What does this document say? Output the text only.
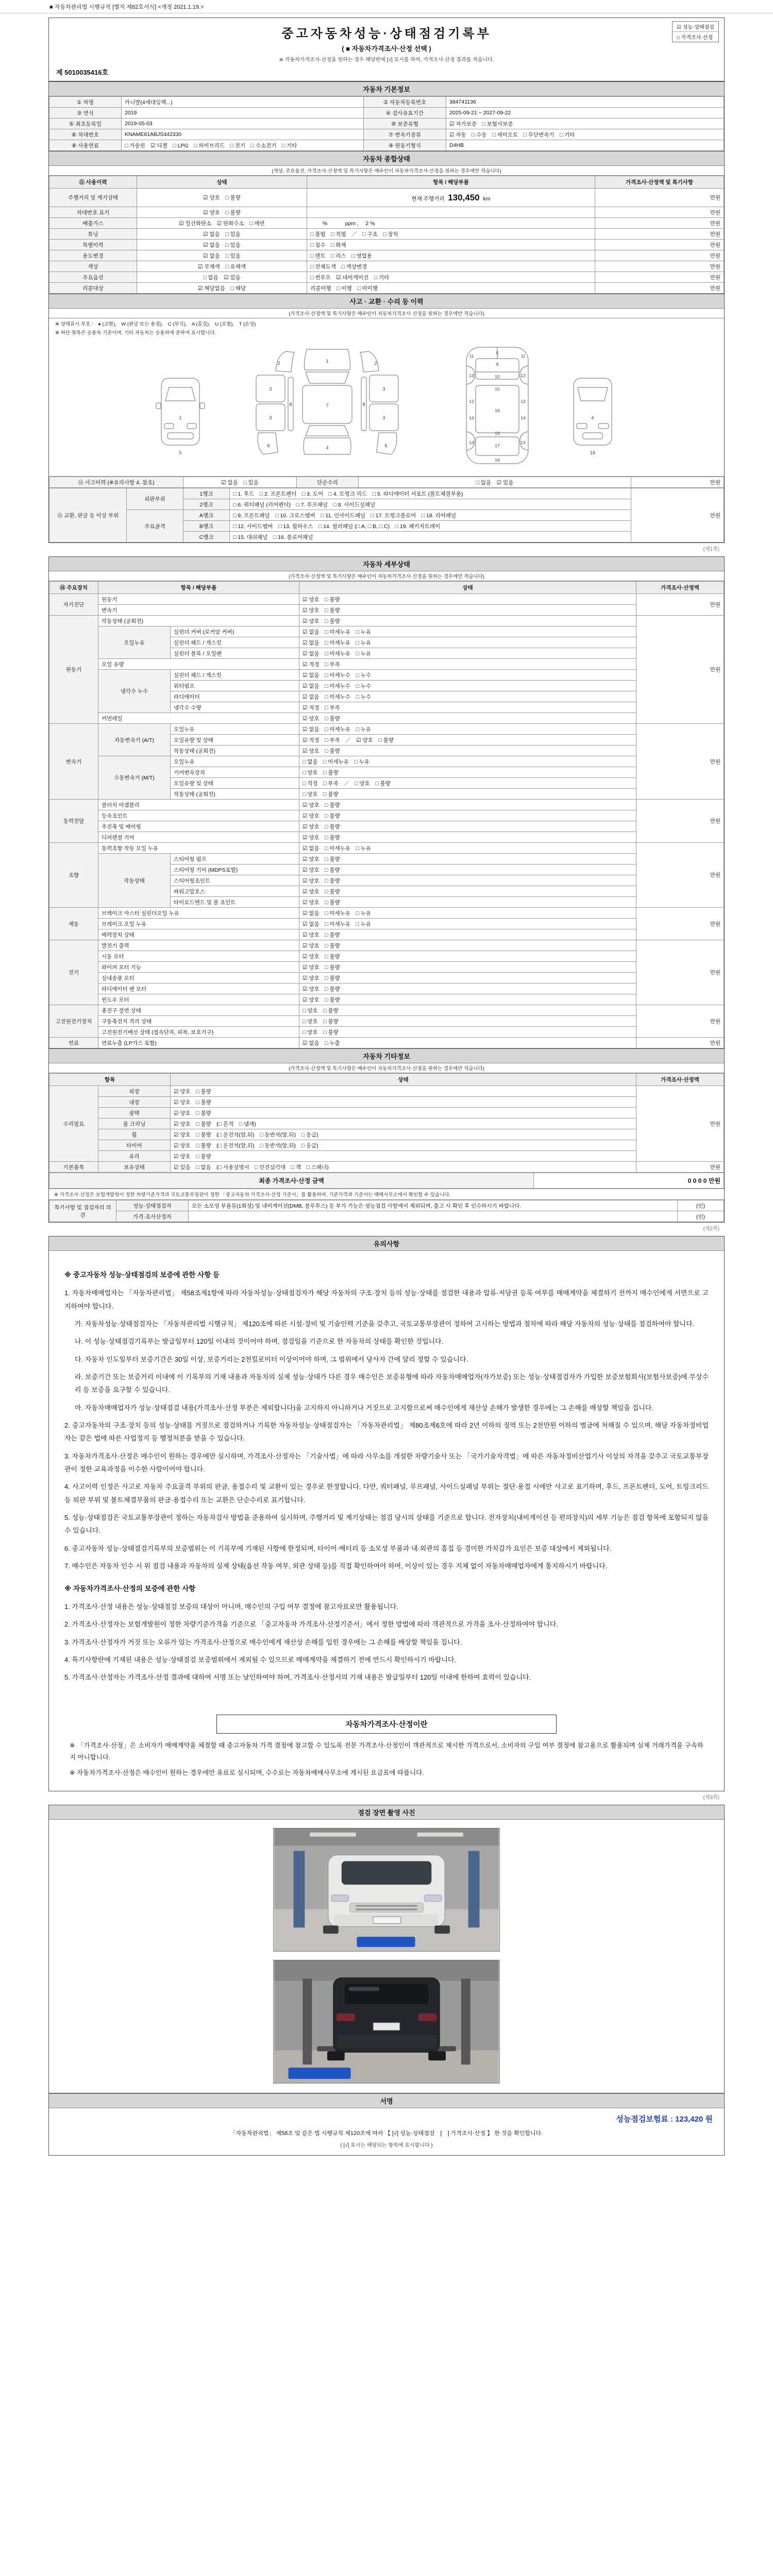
■ 자동차관리법 시행규칙 [별지 제82호서식] <개정 2021.1.19.>
☑ 성능·상태점검
□ 가격조사·산정
중고자동차성능·상태점검기록부
( ■ 자동차가격조사·산정 선택 )
※ 자동차가격조사·산정을 원하는 경우 해당란에 [√] 표시를 하며, 가격조사·산정 결과를 적습니다.
제 5010035416호
자동차 기본정보
① 차명	카니발(4세대임팩...)	② 자동차등록번호	384741136
③ 연식	2019	④ 검사유효기간	2025-09-21 ~ 2027-09-22
⑤ 최초등록일	2019-05-03	⑩ 보증유형	☑ 자가보증　□ 보험사보증
⑥ 차대번호	KNAME81ABJS442330	⑦ 변속기종류	☑ 자동　□ 수동　□ 세미오토　□ 무단변속기　□ 기타
⑧ 사용연료	□ 가솔린　☑ 디젤　□ LPG　□ 하이브리드　□ 전기　□ 수소전기　□ 기타	⑨ 원동기형식	D4HB
자동차 종합상태
(색상, 주요옵션, 가격조사·산정액 및 특기사항은 매수인이 자동차가격조사·산정을 원하는 경우에만 적습니다)
⑪ 사용이력	상태	항목 / 해당부품	가격조사·산정액 및 특기사항
주행거리 및 계기상태	☑ 양호　□ 불량	현재 주행거리 130,450 km	만원
차대번호 표기	☑ 양호　□ 불량		만원
배출가스	☑ 일산화탄소　☑ 탄화수소　□ 매연	　　 %　　　 ppm ,　 2 %	만원
튜닝	☑ 없음　□ 있음	□ 불법　□ 적법　／　□ 구조　□ 장치	만원
특별이력	☑ 없음　□ 있음	□ 침수　□ 화재	만원
용도변경	☑ 없음　□ 있음	□ 렌트　□ 리스　□ 영업용	만원
색상	☑ 무채색　□ 유채색	□ 전체도색　□ 색상변경	만원
주요옵션	□ 없음　☑ 있음	□ 썬루프　☑ 네비게이션　□ 기타	만원
리콜대상	☑ 해당없음　□ 해당	리콜이행　□ 이행　□ 미이행	만원
사고 · 교환 · 수리 등 이력
(가격조사·산정액 및 특기사항은 매수인이 자동차가격조사·산정을 원하는 경우에만 적습니다)
※ 상태표시 부호 :　● (교환),　W (판금 또는 용접),　C (부식),　A (흠집),　U (요철),　T (손상)
※ 하단 항목은 승용차 기준이며, 기타 자동차는 승용차에 준하여 표시합니다.
1
5
1
2	2
3	3
3	3
7
6	6
8	8
4
5
9
10
11	11
12	12
13	13
13	13
14	14
15
16
17
18
19
4
18
⑫ 사고이력 (※유의사항 4. 참조)	☑ 없음　□ 있음	단순수리	□ 없음　☑ 있음	만원
⑬ 교환, 판금 등 이상 부위	외판부위	1랭크	□ 1. 후드　□ 2. 프론트펜더　□ 3. 도어　□ 4. 트렁크 리드　□ 5. 라디에이터 서포트 (볼트체결부품)	만원
		2랭크	□ 6. 쿼터패널 (리어펜더)　□ 7. 루프패널　□ 8. 사이드실패널	
	주요골격	A랭크	□ 9. 프론트패널　□ 10. 크로스멤버　□ 11. 인사이드패널　□ 17. 트렁크플로어　□ 18. 리어패널	
		B랭크	□ 12. 사이드멤버　□ 13. 휠하우스　□ 14. 필러패널 (□ A, □ B, □ C)　□ 19. 패키지트레이	
		C랭크	□ 15. 대쉬패널　□ 16. 플로어패널	
(제1쪽)
자동차 세부상태
(가격조사·산정액 및 특기사항은 매수인이 자동차가격조사·산정을 원하는 경우에만 적습니다)
⑭ 주요장치	항목 / 해당부품		상태	가격조사·산정액
자기진단	원동기		☑ 양호　□ 불량	만원
	변속기		☑ 양호　□ 불량	
원동기	작동상태 (공회전)		☑ 양호　□ 불량	만원
	오일누유	실린더 커버 (로커암 커버)	☑ 없음　□ 미세누유　□ 누유	
		실린더 헤드 / 개스킷	☑ 없음　□ 미세누유　□ 누유	
		실린더 블록 / 오일팬	☑ 없음　□ 미세누유　□ 누유	
	오일 유량		☑ 적정　□ 부족	
	냉각수 누수	실린더 헤드 / 개스킷	☑ 없음　□ 미세누수　□ 누수	
		워터펌프	☑ 없음　□ 미세누수　□ 누수	
		라디에이터	☑ 없음　□ 미세누수　□ 누수	
		냉각수 수량	☑ 적정　□ 부족	
	커먼레일		☑ 양호　□ 불량	
변속기	자동변속기 (A/T)	오일누유	☑ 없음　□ 미세누유　□ 누유	만원
		오일유량 및 상태	☑ 적정　□ 부족　／　☑ 양호　□ 불량	
		작동상태 (공회전)	☑ 양호　□ 불량	
	수동변속기 (M/T)	오일누유	□ 없음　□ 미세누유　□ 누유	
		기어변속장치	□ 양호　□ 불량	
		오일유량 및 상태	□ 적정　□ 부족　／　□ 양호　□ 불량	
		작동상태 (공회전)	□ 양호　□ 불량	
동력전달	클러치 어셈블리		☑ 양호　□ 불량	만원
	등속조인트		☑ 양호　□ 불량	
	추진축 및 베어링		☑ 양호　□ 불량	
	디퍼렌셜 기어		☑ 양호　□ 불량	
조향	동력조향 작동 오일 누유		☑ 없음　□ 미세누유　□ 누유	만원
	작동상태	스티어링 펌프	☑ 양호　□ 불량	
		스티어링 기어 (MDPS포함)	☑ 양호　□ 불량	
		스티어링조인트	☑ 양호　□ 불량	
		파워고압호스	☑ 양호　□ 불량	
		타이로드엔드 및 볼 조인트	☑ 양호　□ 불량	
제동	브레이크 마스터 실린더오일 누유		☑ 없음　□ 미세누유　□ 누유	만원
	브레이크 오일 누유		☑ 없음　□ 미세누유　□ 누유	
	배력장치 상태		☑ 양호　□ 불량	
전기	발전기 출력		☑ 양호　□ 불량	만원
	시동 모터		☑ 양호　□ 불량	
	와이퍼 모터 기능		☑ 양호　□ 불량	
	실내송풍 모터		☑ 양호　□ 불량	
	라디에이터 팬 모터		☑ 양호　□ 불량	
	윈도우 모터		☑ 양호　□ 불량	
고전원전기장치	충전구 절연 상태		□ 양호　□ 불량	만원
	구동축전지 격리 상태		□ 양호　□ 불량	
	고전원전기배선 상태 (접속단자, 피복, 보호기구)		□ 양호　□ 불량	
연료	연료누출 (LP가스 포함)		☑ 없음　□ 누출	만원
자동차 기타정보
(가격조사·산정액 및 특기사항은 매수인이 자동차가격조사·산정을 원하는 경우에만 적습니다)
항목		상태	가격조사·산정액
수리필요	외장	☑ 양호　□ 불량	만원
	내장	☑ 양호　□ 불량	
	광택	☑ 양호　□ 불량	
	룸 크리닝	☑ 양호　□ 불량　(□ 흔적　□ 냄새)	
	휠	☑ 양호　□ 불량　(□ 운전석(앞,뒤)　□ 동반석(앞,뒤)　□ 응급)	
	타이어	☑ 양호　□ 불량　(□ 운전석(앞,뒤)　□ 동반석(앞,뒤)　□ 응급)	
	유리	☑ 양호　□ 불량	
기본품목	보유상태	☑ 있음　□ 없음　(□ 사용설명서　□ 안전삼각대　□ 잭　□ 스패너)	만원
최종 가격조사·산정 금액	0 0 0 0 만원
※ 가격조사·산정은 보험개발원이 정한 차량기준가격과 국토교통부장관이 정한 「중고자동차 가격조사·산정 기준서」를 활용하며, 기준가격과 기준서는 매매사무소에서 확인할 수 있습니다.
특기사항 및 점검자의 의견	성능·상태점검자	모든 소모성 부품류(1회성) 및 내비게이션(DMB, 블루투스) 등 부가 기능은 성능점검 사항에서 제외되며, 출고 시 확인 후 인수하시기 바랍니다.	(인)
	가격·조사산정자		(인)
(제2쪽)
유의사항

※ 중고자동차 성능·상태점검의 보증에 관한 사항 등

1. 자동차매매업자는 「자동차관리법」 제58조제1항에 따라 자동차성능·상태점검자가 해당 자동차의 구조·장치 등의 성능·상태를 점검한 내용과 압류·저당권 등록 여부를 매매계약을 체결하기 전까지 매수인에게 서면으로 고지하여야 합니다.

가. 자동차성능·상태점검자는 「자동차관리법 시행규칙」 제120조에 따른 시설·장비 및 기술인력 기준을 갖추고, 국토교통부장관이 정하여 고시하는 방법과 절차에 따라 해당 자동차의 성능·상태를 점검하여야 합니다.

나. 이 성능·상태점검기록부는 발급일부터 120일 이내의 것이어야 하며, 점검일을 기준으로 한 자동차의 상태를 확인한 것입니다.

다. 자동차 인도일부터 보증기간은 30일 이상, 보증거리는 2천킬로미터 이상이어야 하며, 그 범위에서 당사자 간에 달리 정할 수 있습니다.

라. 보증기간 또는 보증거리 이내에 이 기록부의 기재 내용과 자동차의 실제 성능·상태가 다른 경우 매수인은 보증유형에 따라 자동차매매업자(자가보증) 또는 성능·상태점검자가 가입한 보증보험회사(보험사보증)에 무상수리 등 보증을 요구할 수 있습니다.

마. 자동차매매업자가 성능·상태점검 내용(가격조사·산정 부분은 제외합니다)을 고지하지 아니하거나 거짓으로 고지함으로써 매수인에게 재산상 손해가 발생한 경우에는 그 손해를 배상할 책임을 집니다.

2. 중고자동차의 구조·장치 등의 성능·상태를 거짓으로 점검하거나 기록한 자동차성능·상태점검자는 「자동차관리법」 제80조제6호에 따라 2년 이하의 징역 또는 2천만원 이하의 벌금에 처해질 수 있으며, 해당 자동차정비업자는 같은 법에 따른 사업정지 등 행정처분을 받을 수 있습니다.

3. 자동차가격조사·산정은 매수인이 원하는 경우에만 실시하며, 가격조사·산정자는 「기술사법」에 따라 사무소를 개설한 차량기술사 또는 「국가기술자격법」에 따른 자동차정비산업기사 이상의 자격을 갖추고 국토교통부장관이 정한 교육과정을 이수한 사람이어야 합니다.

4. 사고이력 인정은 사고로 자동차 주요골격 부위의 판금, 용접수리 및 교환이 있는 경우로 한정합니다. 다만, 쿼터패널, 루프패널, 사이드실패널 부위는 절단·용접 시에만 사고로 표기하며, 후드, 프론트펜더, 도어, 트렁크리드 등 외판 부위 및 볼트체결부품의 판금·용접수리 또는 교환은 단순수리로 표기합니다.

5. 성능·상태점검은 국토교통부장관이 정하는 자동차검사 방법을 준용하여 실시하며, 주행거리 및 계기상태는 점검 당시의 상태를 기준으로 합니다. 전자장치(내비게이션 등 편의장치)의 세부 기능은 점검 항목에 포함되지 않을 수 있습니다.

6. 중고자동차 성능·상태점검기록부의 보증범위는 이 기록부에 기재된 사항에 한정되며, 타이어·배터리 등 소모성 부품과 내·외관의 흠집 등 경미한 가치감가 요인은 보증 대상에서 제외됩니다.

7. 매수인은 자동차 인수 시 위 점검 내용과 자동차의 실제 상태(옵션 작동 여부, 외관 상태 등)를 직접 확인하여야 하며, 이상이 있는 경우 지체 없이 자동차매매업자에게 통지하시기 바랍니다.

※ 자동차가격조사·산정의 보증에 관한 사항

1. 가격조사·산정 내용은 성능·상태점검 보증의 대상이 아니며, 매수인의 구입 여부 결정에 참고자료로만 활용됩니다.

2. 가격조사·산정자는 보험개발원이 정한 차량기준가격을 기준으로 「중고자동차 가격조사·산정기준서」에서 정한 방법에 따라 객관적으로 가격을 조사·산정하여야 합니다.

3. 가격조사·산정자가 거짓 또는 오류가 있는 가격조사·산정으로 매수인에게 재산상 손해를 입힌 경우에는 그 손해를 배상할 책임을 집니다.

4. 특기사항란에 기재된 내용은 성능·상태점검 보증범위에서 제외될 수 있으므로 매매계약을 체결하기 전에 반드시 확인하시기 바랍니다.

5. 가격조사·산정자는 가격조사·산정 결과에 대하여 서명 또는 날인하여야 하며, 가격조사·산정서의 기재 내용은 발급일부터 120일 이내에 한하여 효력이 있습니다.

자동차가격조사·산정이란

※ 「가격조사·산정」은 소비자가 매매계약을 체결할 때 중고자동차 가격 결정에 참고할 수 있도록 전문 가격조사·산정인이 객관적으로 제시한 가격으로서, 소비자의 구입 여부 결정에 참고용으로 활용되며 실제 거래가격을 구속하지 아니합니다.

※ 자동차가격조사·산정은 매수인이 원하는 경우에만 유료로 실시되며, 수수료는 자동차매매사무소에 게시된 요금표에 따릅니다.

(제3쪽)
점검 장면 촬영 사진
서명
성능점검보험료 : 123,420 원
「자동차관리법」 제58조 및 같은 법 시행규칙 제120조에 따라 【 [√] 성능·상태점검　[　] 가격조사·산정 】 한 것을 확인합니다.
( [√] 표시는 해당되는 항목에 표시합니다 )
